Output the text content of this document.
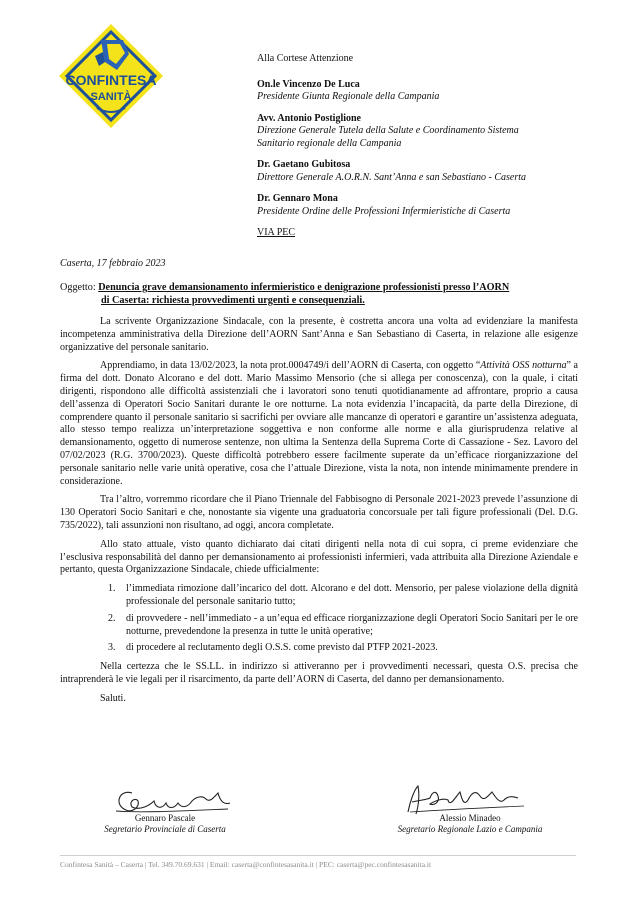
CONFINTESA
SANITÀ
Alla Cortese Attenzione
On.le Vincenzo De Luca
Presidente Giunta Regionale della Campania
Avv. Antonio Postiglione
Direzione Generale Tutela della Salute e Coordinamento Sistema
Sanitario regionale della Campania
Dr. Gaetano Gubitosa
Direttore Generale A.O.R.N. Sant’Anna e san Sebastiano - Caserta
Dr. Gennaro Mona
Presidente Ordine delle Professioni Infermieristiche di Caserta
VIA PEC
Caserta, 17 febbraio 2023
Oggetto: Denuncia grave demansionamento infermieristico e denigrazione professionisti presso l’AORN
di Caserta: richiesta provvedimenti urgenti e consequenziali.

La scrivente Organizzazione Sindacale, con la presente, è costretta ancora una volta ad evidenziare la manifesta incompetenza amministrativa della Direzione dell’AORN Sant’Anna e San Sebastiano di Caserta, in relazione alle esigenze organizzative del personale sanitario.

Apprendiamo, in data 13/02/2023, la nota prot.0004749/i dell’AORN di Caserta, con oggetto “Attività OSS notturna” a firma del dott. Donato Alcorano e del dott. Mario Massimo Mensorio (che si allega per conoscenza), con la quale, i citati dirigenti, rispondono alle difficoltà assistenziali che i lavoratori sono tenuti quotidianamente ad affrontare, proprio a causa dell’assenza di Operatori Socio Sanitari durante le ore notturne. La nota evidenzia l’incapacità, da parte della Direzione, di comprendere quanto il personale sanitario si sacrifichi per ovviare alle mancanze di operatori e garantire un’assistenza adeguata, allo stesso tempo realizza un’interpretazione soggettiva e non conforme alle norme e alla giurisprudenza relative al demansionamento, oggetto di numerose sentenze, non ultima la Sentenza della Suprema Corte di Cassazione - Sez. Lavoro del 07/02/2023 (R.G. 3700/2023). Queste difficoltà potrebbero essere facilmente superate da un’efficace riorganizzazione del personale sanitario nelle varie unità operative, cosa che l’attuale Direzione, vista la nota, non intende minimamente prendere in considerazione.

Tra l’altro, vorremmo ricordare che il Piano Triennale del Fabbisogno di Personale 2021-2023 prevede l’assunzione di 130 Operatori Socio Sanitari e che, nonostante sia vigente una graduatoria concorsuale per tali figure professionali (Del. D.G. 735/2022), tali assunzioni non risultano, ad oggi, ancora completate.

Allo stato attuale, visto quanto dichiarato dai citati dirigenti nella nota di cui sopra, ci preme evidenziare che l’esclusiva responsabilità del danno per demansionamento ai professionisti infermieri, vada attribuita alla Direzione Aziendale e pertanto, questa Organizzazione Sindacale, chiede ufficialmente:

1. l’immediata rimozione dall’incarico del dott. Alcorano e del dott. Mensorio, per palese violazione della dignità professionale del personale sanitario tutto;
2. di provvedere - nell’immediato - a un’equa ed efficace riorganizzazione degli Operatori Socio Sanitari per le ore notturne, prevedendone la presenza in tutte le unità operative;
3. di procedere al reclutamento degli O.S.S. come previsto dal PTFP 2021-2023.

Nella certezza che le SS.LL. in indirizzo si attiveranno per i provvedimenti necessari, questa O.S. precisa che intraprenderà le vie legali per il risarcimento, da parte dell’AORN di Caserta, del danno per demansionamento.

Saluti.

Gennaro Pascale
Segretario Provinciale di Caserta
Alessio Minadeo
Segretario Regionale Lazio e Campania
Confintesa Sanità – Caserta | Tel. 349.70.69.631 | Email: caserta@confintesasanita.it | PEC: caserta@pec.confintesasanita.it
